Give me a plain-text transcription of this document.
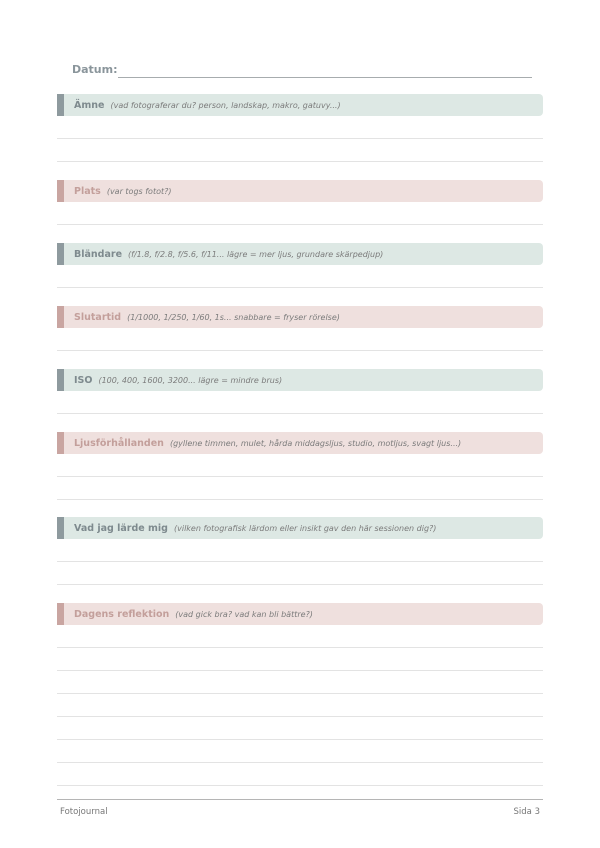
Datum:
Ämne (vad fotograferar du? person, landskap, makro, gatuvy...)
Plats (var togs fotot?)
Bländare (f/1.8, f/2.8, f/5.6, f/11... lägre = mer ljus, grundare skärpedjup)
Slutartid (1/1000, 1/250, 1/60, 1s... snabbare = fryser rörelse)
ISO (100, 400, 1600, 3200... lägre = mindre brus)
Ljusförhållanden (gyllene timmen, mulet, hårda middagsljus, studio, motljus, svagt ljus...)
Vad jag lärde mig (vilken fotografisk lärdom eller insikt gav den här sessionen dig?)
Dagens reflektion (vad gick bra? vad kan bli bättre?)
Fotojournal	Sida 3
